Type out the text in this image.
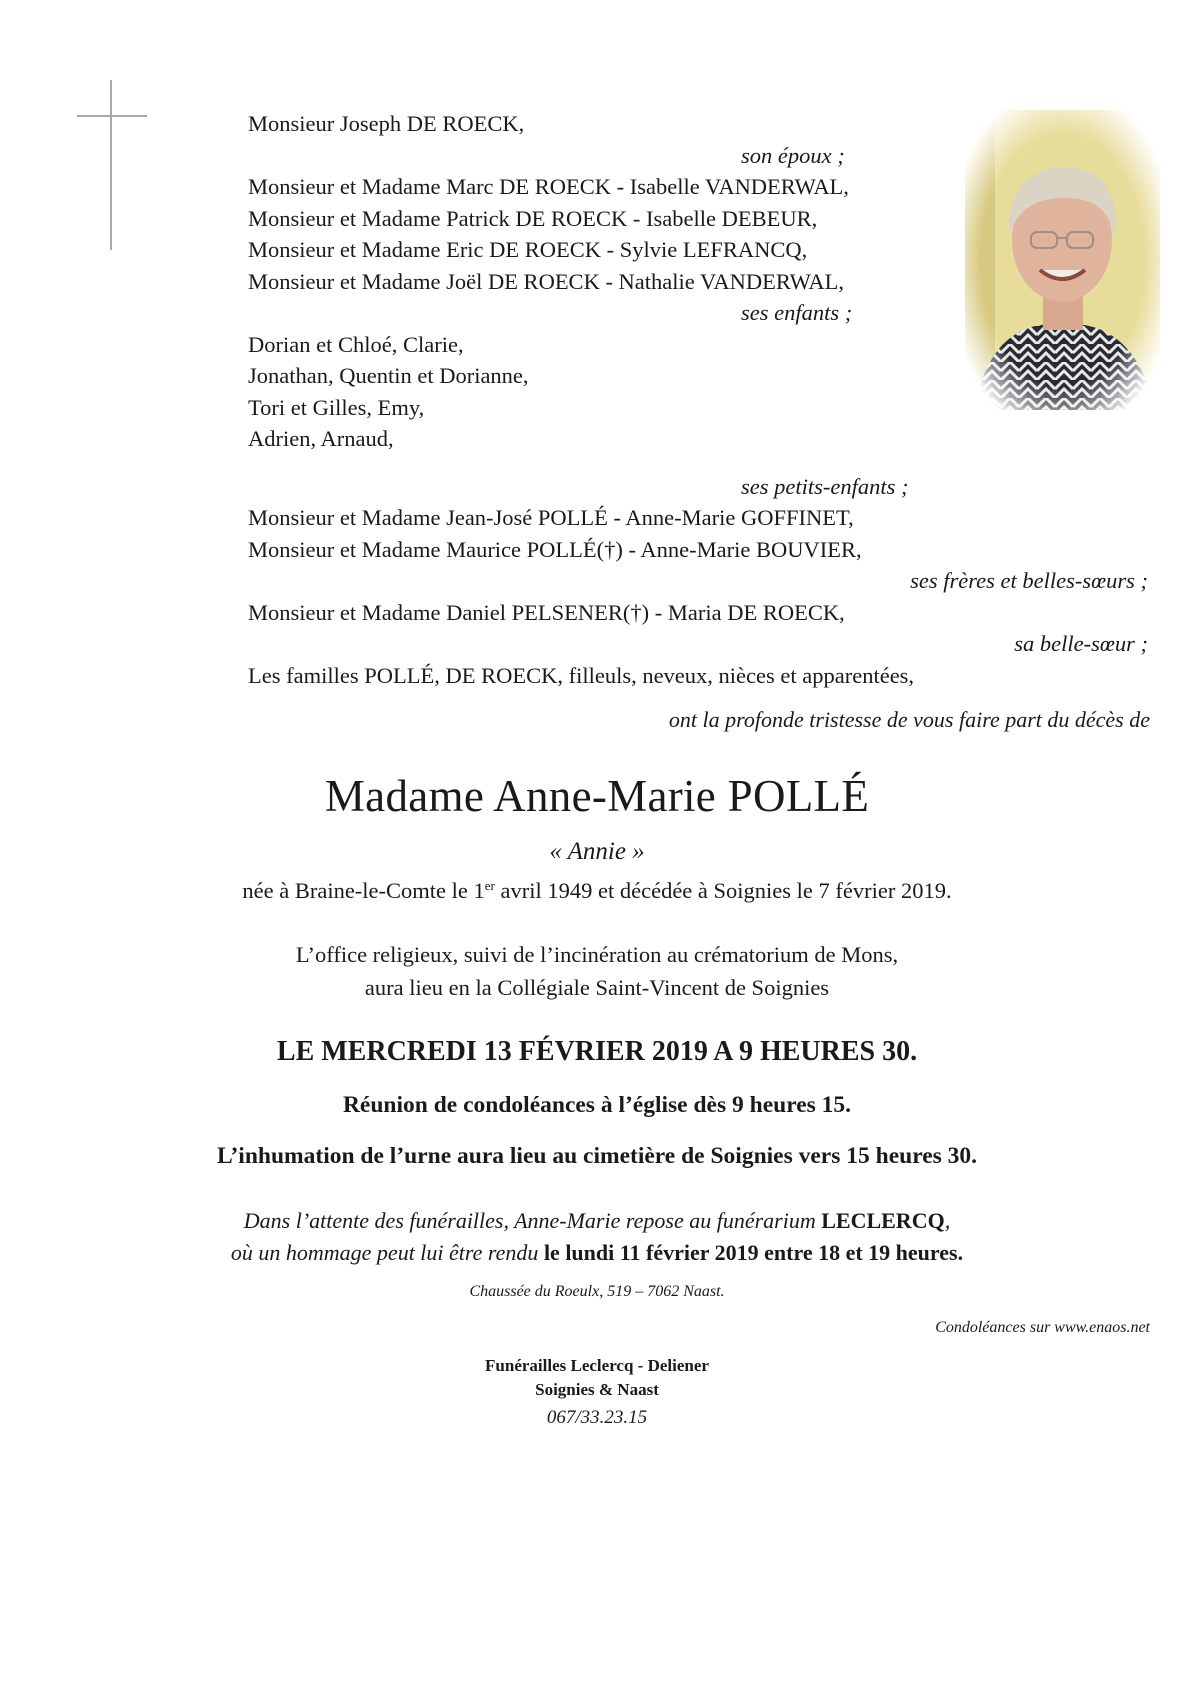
Monsieur Joseph DE ROECK,
son époux ;
Monsieur et Madame Marc DE ROECK - Isabelle VANDERWAL,
Monsieur et Madame Patrick DE ROECK - Isabelle DEBEUR,
Monsieur et Madame Eric DE ROECK - Sylvie LEFRANCQ,
Monsieur et Madame Joël DE ROECK - Nathalie VANDERWAL,
ses enfants ;
Dorian et Chloé, Clarie,
Jonathan, Quentin et Dorianne,
Tori et Gilles, Emy,
Adrien, Arnaud,
ses petits-enfants ;
Monsieur et Madame Jean-José POLLÉ - Anne-Marie GOFFINET,
Monsieur et Madame Maurice POLLÉ(†) - Anne-Marie BOUVIER,
ses frères et belles-sœurs ;
Monsieur et Madame Daniel PELSENER(†) - Maria DE ROECK,
sa belle-sœur ;
Les familles POLLÉ, DE ROECK, filleuls, neveux, nièces et apparentées,
ont la profonde tristesse de vous faire part du décès de
Madame Anne-Marie POLLÉ
« Annie »
née à Braine-le-Comte le 1er avril 1949 et décédée à Soignies le 7 février 2019.
L’office religieux, suivi de l’incinération au crématorium de Mons,
aura lieu en la Collégiale Saint-Vincent de Soignies
LE MERCREDI 13 FÉVRIER 2019 A 9 HEURES 30.
Réunion de condoléances à l’église dès 9 heures 15.
L’inhumation de l’urne aura lieu au cimetière de Soignies vers 15 heures 30.
Dans l’attente des funérailles, Anne-Marie repose au funérarium LECLERCQ,
où un hommage peut lui être rendu le lundi 11 février 2019 entre 18 et 19 heures.
Chaussée du Roeulx, 519 – 7062 Naast.
Condoléances sur www.enaos.net
Funérailles Leclercq - Deliener
Soignies & Naast
067/33.23.15
